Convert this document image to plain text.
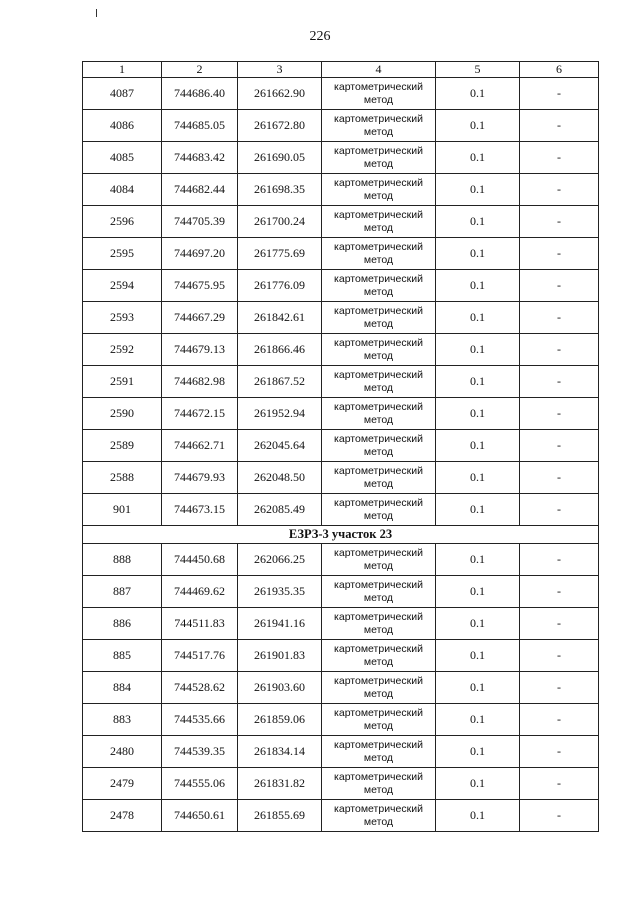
226
1	2	3	4	5	6
4087	744686.40	261662.90	картометрический метод	0.1	-
4086	744685.05	261672.80	картометрический метод	0.1	-
4085	744683.42	261690.05	картометрический метод	0.1	-
4084	744682.44	261698.35	картометрический метод	0.1	-
2596	744705.39	261700.24	картометрический метод	0.1	-
2595	744697.20	261775.69	картометрический метод	0.1	-
2594	744675.95	261776.09	картометрический метод	0.1	-
2593	744667.29	261842.61	картометрический метод	0.1	-
2592	744679.13	261866.46	картометрический метод	0.1	-
2591	744682.98	261867.52	картометрический метод	0.1	-
2590	744672.15	261952.94	картометрический метод	0.1	-
2589	744662.71	262045.64	картометрический метод	0.1	-
2588	744679.93	262048.50	картометрический метод	0.1	-
901	744673.15	262085.49	картометрический метод	0.1	-
ЕЗРЗ-3 участок 23					
888	744450.68	262066.25	картометрический метод	0.1	-
887	744469.62	261935.35	картометрический метод	0.1	-
886	744511.83	261941.16	картометрический метод	0.1	-
885	744517.76	261901.83	картометрический метод	0.1	-
884	744528.62	261903.60	картометрический метод	0.1	-
883	744535.66	261859.06	картометрический метод	0.1	-
2480	744539.35	261834.14	картометрический метод	0.1	-
2479	744555.06	261831.82	картометрический метод	0.1	-
2478	744650.61	261855.69	картометрический метод	0.1	-
